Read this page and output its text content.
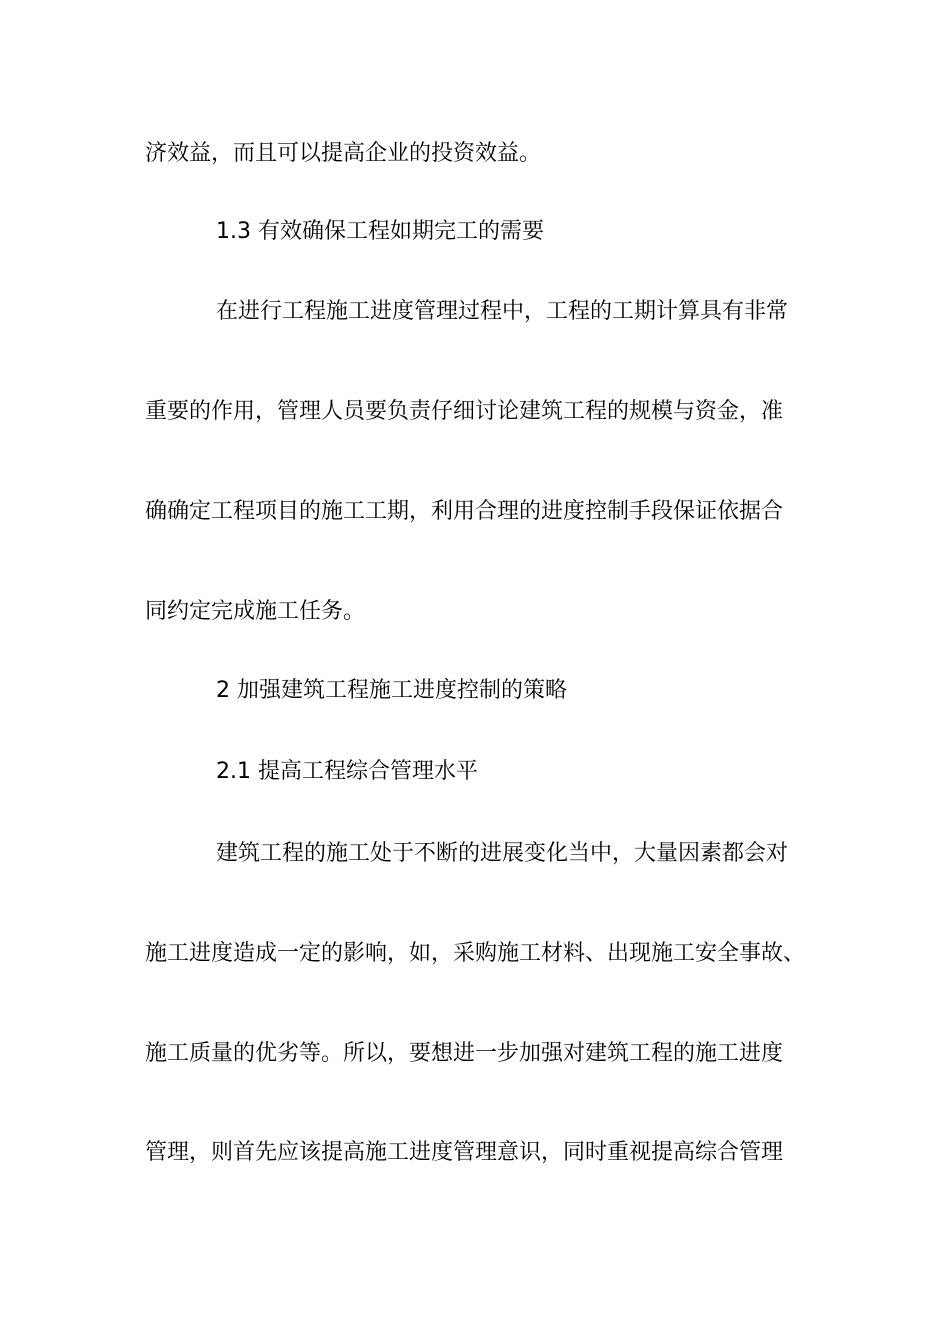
济效益，而且可以提高企业的投资效益。
1.3 有效确保工程如期完工的需要
在进行工程施工进度管理过程中，工程的工期计算具有非常
重要的作用，管理人员要负责仔细讨论建筑工程的规模与资金，准
确确定工程项目的施工工期，利用合理的进度控制手段保证依据合
同约定完成施工任务。
2 加强建筑工程施工进度控制的策略
2.1 提高工程综合管理水平
建筑工程的施工处于不断的进展变化当中，大量因素都会对
施工进度造成一定的影响，如，采购施工材料、出现施工安全事故、
施工质量的优劣等。所以，要想进一步加强对建筑工程的施工进度
管理，则首先应该提高施工进度管理意识，同时重视提高综合管理
